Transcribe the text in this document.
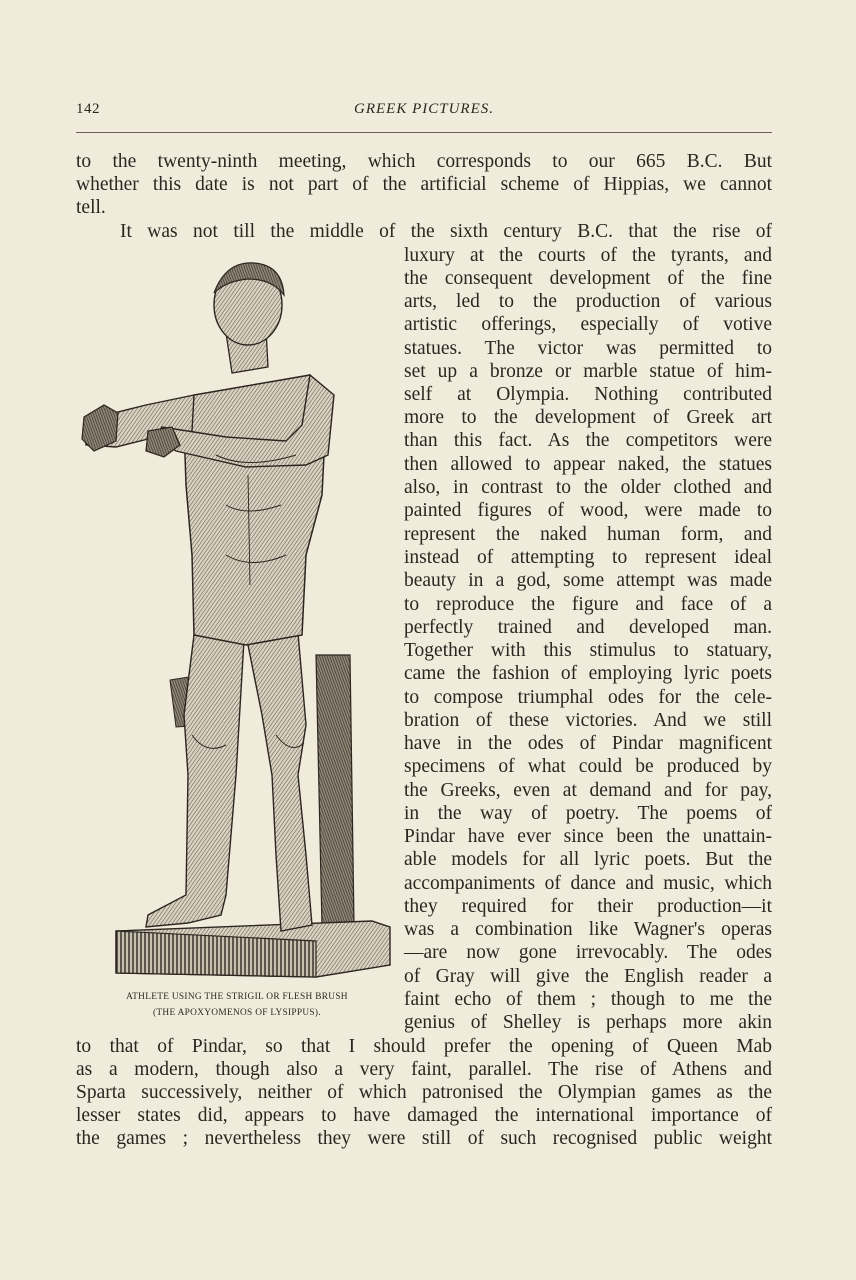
142	GREEK PICTURES.
to the twenty-ninth meeting, which corresponds to our 665 B.C. But
whether this date is not part of the artificial scheme of Hippias, we cannot
tell.
It was not till the middle of the sixth century B.C. that the rise of
luxury at the courts of the tyrants, and
the consequent development of the fine
arts, led to the production of various
artistic offerings, especially of votive
statues. The victor was permitted to
set up a bronze or marble statue of him-
self at Olympia. Nothing contributed
more to the development of Greek art
than this fact. As the competitors were
then allowed to appear naked, the statues
also, in contrast to the older clothed and
painted figures of wood, were made to
represent the naked human form, and
instead of attempting to represent ideal
beauty in a god, some attempt was made
to reproduce the figure and face of a
perfectly trained and developed man.
Together with this stimulus to statuary,
came the fashion of employing lyric poets
to compose triumphal odes for the cele-
bration of these victories. And we still
have in the odes of Pindar magnificent
specimens of what could be produced by
the Greeks, even at demand and for pay,
in the way of poetry. The poems of
Pindar have ever since been the unattain-
able models for all lyric poets. But the
accompaniments of dance and music, which
they required for their production—it
was a combination like Wagner's operas
—are now gone irrevocably. The odes
of Gray will give the English reader a
faint echo of them ; though to me the
genius of Shelley is perhaps more akin
to that of Pindar, so that I should prefer the opening of Queen Mab
as a modern, though also a very faint, parallel. The rise of Athens and
Sparta successively, neither of which patronised the Olympian games as the
lesser states did, appears to have damaged the international importance of
the games ; nevertheless they were still of such recognised public weight
ATHLETE USING THE STRIGIL OR FLESH BRUSH
(THE APOXYOMENOS OF LYSIPPUS).
